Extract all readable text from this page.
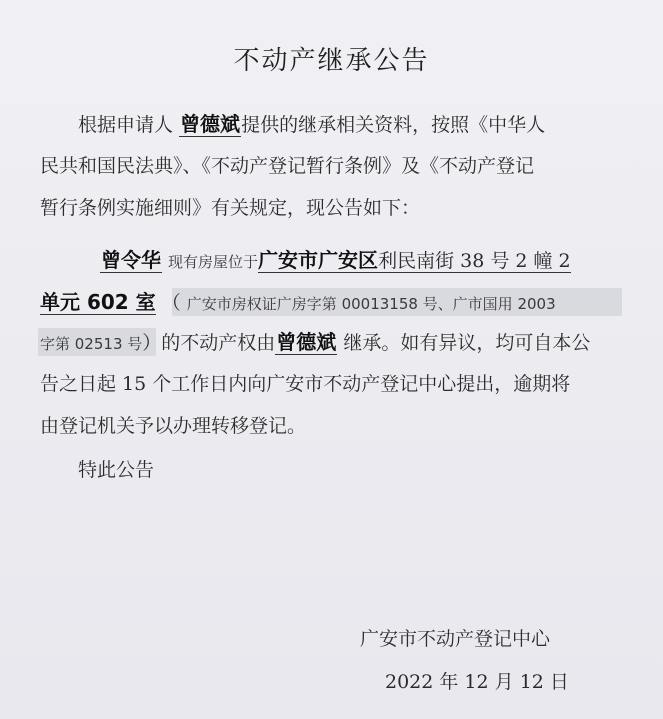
不动产继承公告
根据申请人 曾德斌提供的继承相关资料，按照《中华人
民共和国民法典》、《不动产登记暂行条例》及《不动产登记
暂行条例实施细则》有关规定，现公告如下：
曾令华 现有房屋位于广安市广安区利民南街 38 号 2 幢 2
单元 602 室 （ 广安市房权证广房字第 00013158 号、广市国用 2003
字第 02513 号）的不动产权由曾德斌 继承。如有异议，均可自本公
告之日起 15 个工作日内向广安市不动产登记中心提出，逾期将
由登记机关予以办理转移登记。
特此公告
广安市不动产登记中心
2022 年 12 月 12 日
